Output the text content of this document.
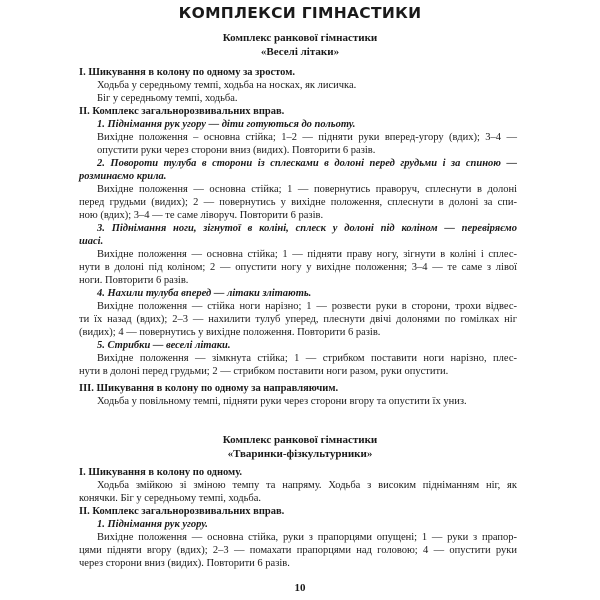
КОМПЛЕКСИ ГІМНАСТИКИ
Комплекс ранкової гімнастики
«Веселі літаки»
I. Шикування в колону по одному за зростом.
Ходьба у середньому темпі, ходьба на носках, як лисичка.
Біг у середньому темпі, ходьба.
II. Комплекс загальнорозвивальних вправ.
1. Піднімання рук угору — діти готуються до польоту.
Вихідне положення – основна стійка; 1–2 — підняти руки вперед-угору (вдих); 3–4 —
опустити руки через сторони вниз (видих). Повторити 6 разів.
2. Повороти тулуба в сторони із сплесками в долоні перед грудьми і за спиною —
розминаємо крила.
Вихідне положення — основна стійка; 1 — повернутись праворуч, сплеснути в долоні
перед грудьми (видих); 2 — повернутись у вихідне положення, сплеснути в долоні за спи-
ною (вдих); 3–4 — те саме ліворуч. Повторити 6 разів.
3. Піднімання ноги, зігнутої в коліні, сплеск у долоні під коліном — перевіряємо
шасі.
Вихідне положення — основна стійка; 1 — підняти праву ногу, зігнути в коліні і сплес-
нути в долоні під коліном; 2 — опустити ногу у вихідне положення; 3–4 — те саме з лівої
ноги. Повторити 6 разів.
4. Нахили тулуба вперед — літаки злітають.
Вихідне положення — стійка ноги нарізно; 1 — розвести руки в сторони, трохи відвес-
ти їх назад (вдих); 2–3 — нахилити тулуб уперед, плеснути двічі долонями по гомілках ніг
(видих); 4 — повернутись у вихідне положення. Повторити 6 разів.
5. Стрибки — веселі літаки.
Вихідне положення — зімкнута стійка; 1 — стрибком поставити ноги нарізно, плес-
нути в долоні перед грудьми; 2 — стрибком поставити ноги разом, руки опустити.
III. Шикування в колону по одному за направляючим.
Ходьба у повільному темпі, підняти руки через сторони вгору та опустити їх униз.
Комплекс ранкової гімнастики
«Тваринки-фізкультурники»
I. Шикування в колону по одному.
Ходьба змійкою зі зміною темпу та напряму. Ходьба з високим підніманням ніг, як
конячки. Біг у середньому темпі, ходьба.
II. Комплекс загальнорозвивальних вправ.
1. Піднімання рук угору.
Вихідне положення — основна стійка, руки з прапорцями опущені; 1 — руки з прапор-
цями підняти вгору (вдих); 2–3 — помахати прапорцями над головою; 4 — опустити руки
через сторони вниз (видих). Повторити 6 разів.
10
